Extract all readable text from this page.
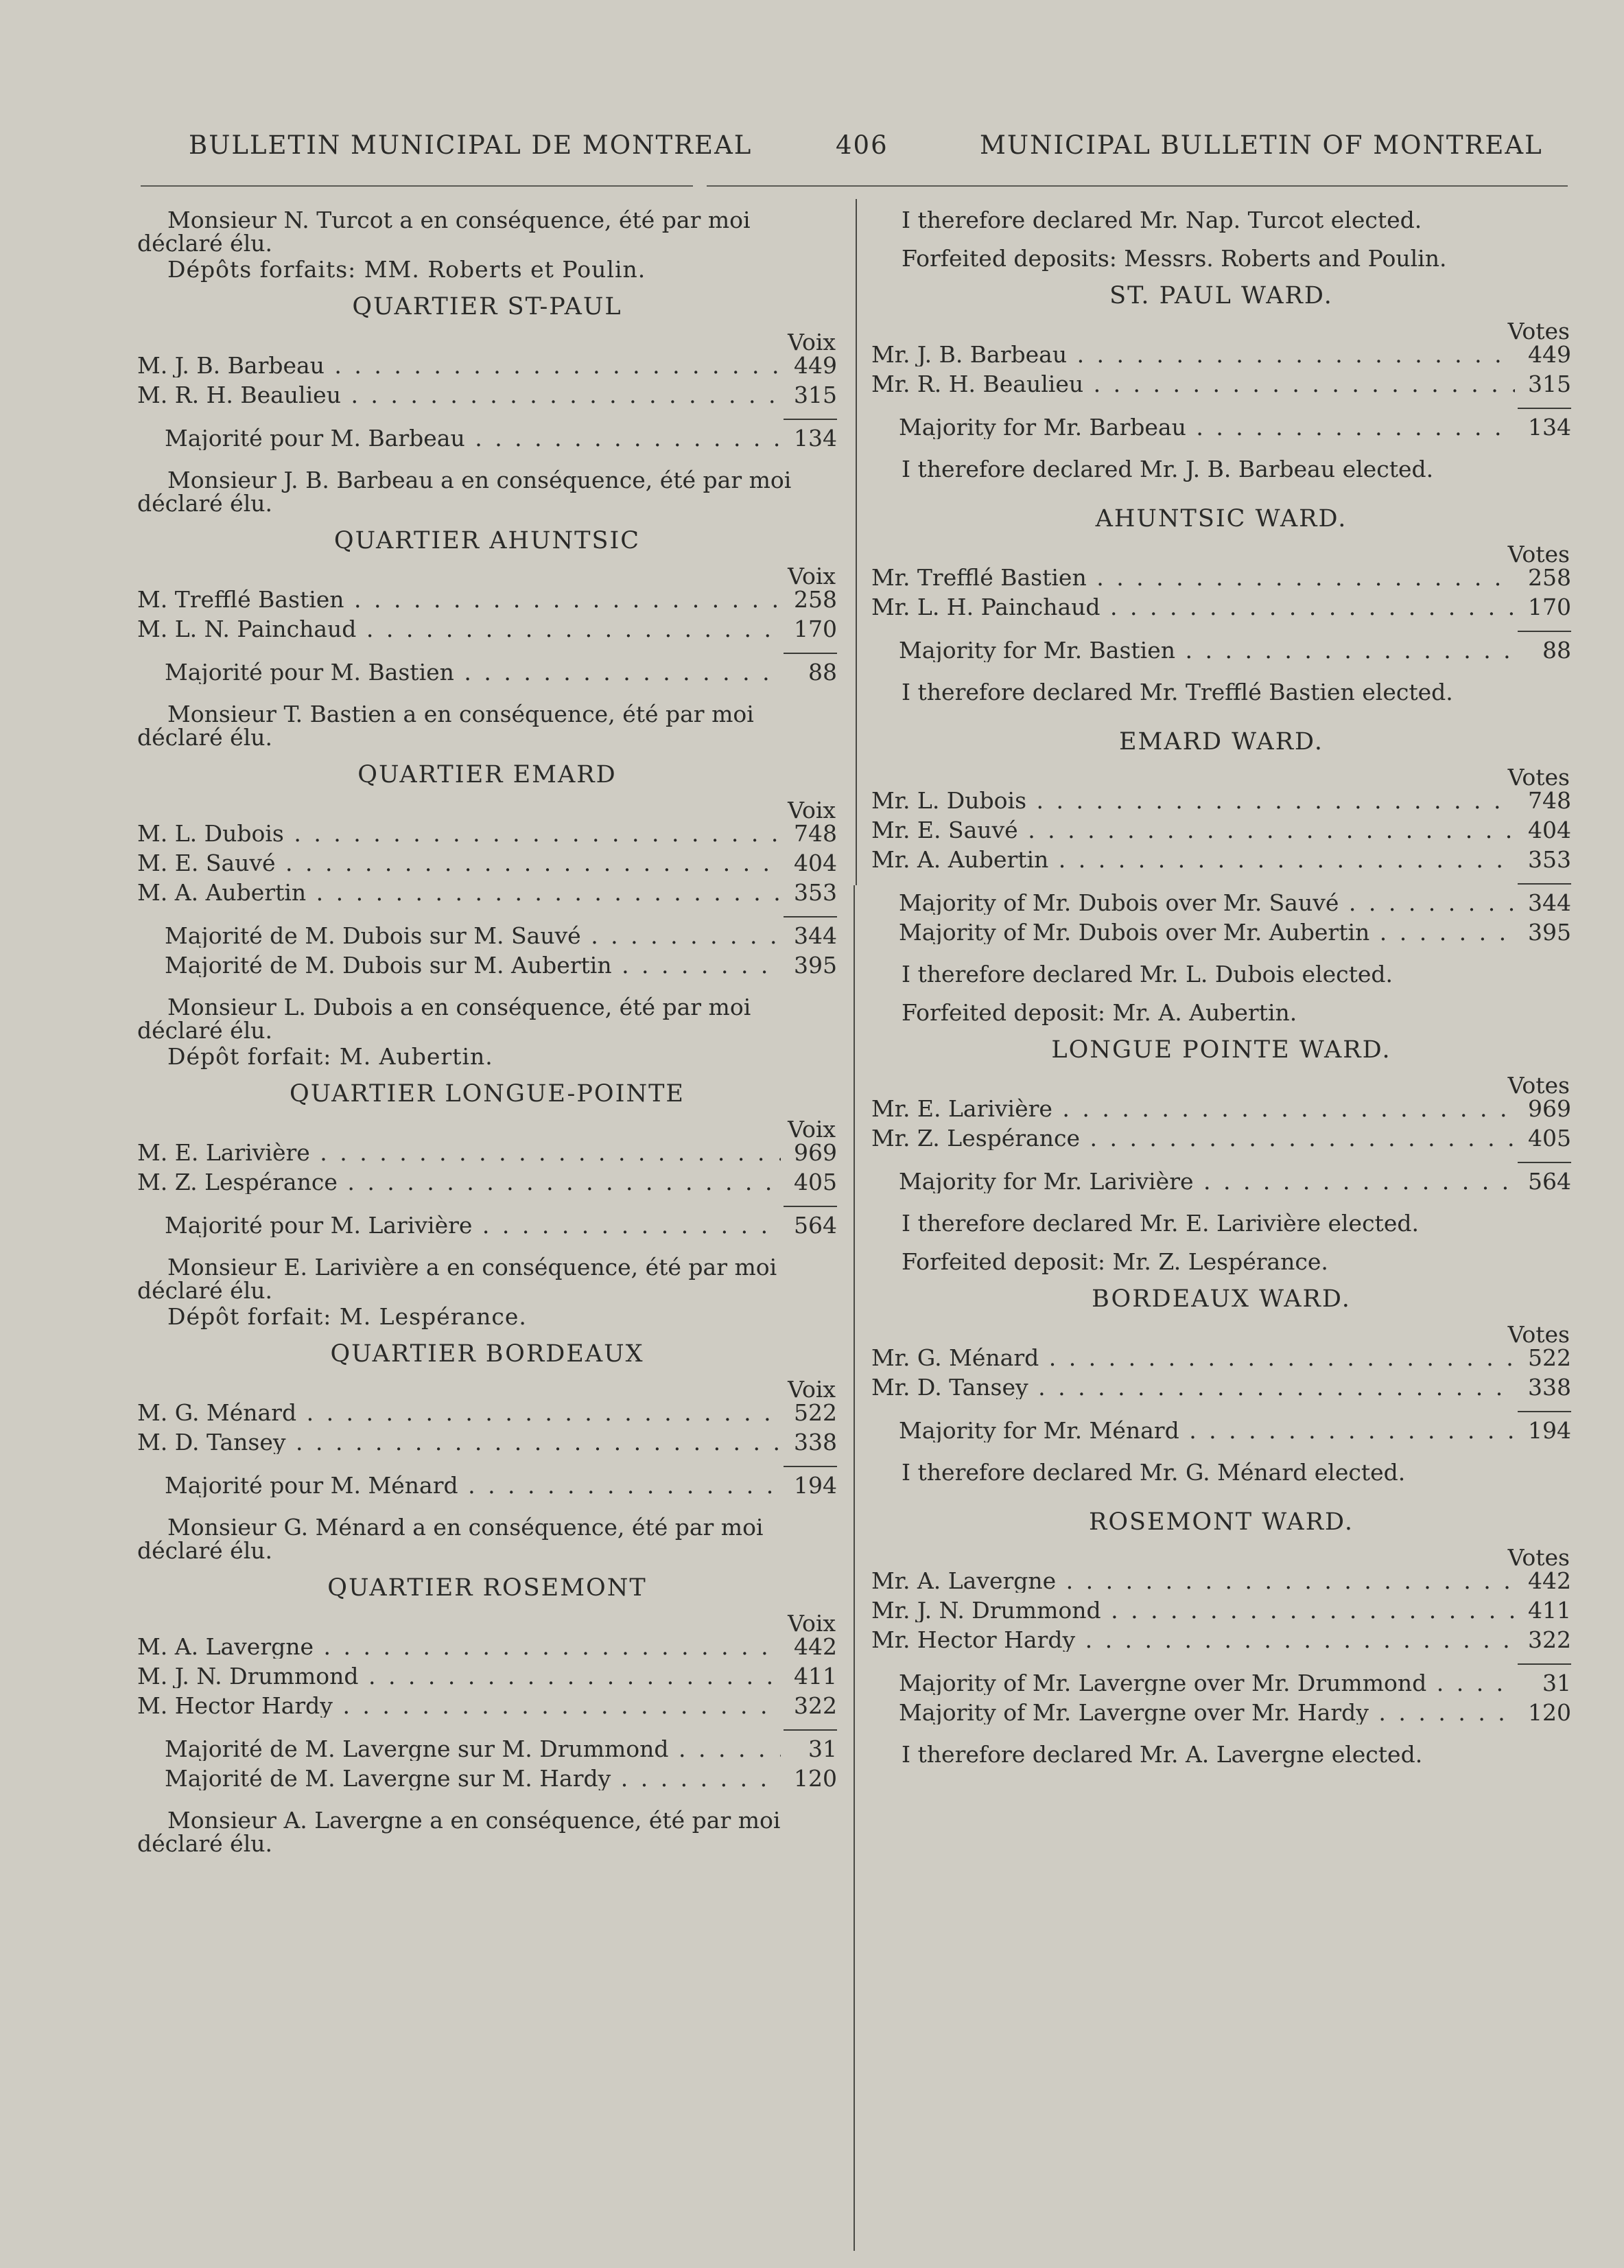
BULLETIN MUNICIPAL DE MONTREAL	406	MUNICIPAL BULLETIN OF MONTREAL
Monsieur N. Turcot a en conséquence, été par moi déclaré élu.
Dépôts forfaits: MM. Roberts et Poulin.
QUARTIER ST-PAUL
Voix
M. J. B. Barbeau . . .	449
M. R. H. Beaulieu . . .	315
Majorité pour M. Barbeau . . .	134
Monsieur J. B. Barbeau a en conséquence, été par moi déclaré élu.
QUARTIER AHUNTSIC
Voix
M. Trefflé Bastien . . .	258
M. L. N. Painchaud . . .	170
Majorité pour M. Bastien . . .	88
Monsieur T. Bastien a en conséquence, été par moi déclaré élu.
QUARTIER EMARD
Voix
M. L. Dubois . . .	748
M. E. Sauvé . . .	404
M. A. Aubertin . . .	353
Majorité de M. Dubois sur M. Sauvé . . .	344
Majorité de M. Dubois sur M. Aubertin . . .	395
Monsieur L. Dubois a en conséquence, été par moi déclaré élu.
Dépôt forfait: M. Aubertin.
QUARTIER LONGUE-POINTE
Voix
M. E. Larivière . . .	969
M. Z. Lespérance . . .	405
Majorité pour M. Larivière . . .	564
Monsieur E. Larivière a en conséquence, été par moi déclaré élu.
Dépôt forfait: M. Lespérance.
QUARTIER BORDEAUX
Voix
M. G. Ménard . . .	522
M. D. Tansey . . .	338
Majorité pour M. Ménard . . .	194
Monsieur G. Ménard a en conséquence, été par moi déclaré élu.
QUARTIER ROSEMONT
Voix
M. A. Lavergne . . .	442
M. J. N. Drummond . . .	411
M. Hector Hardy . . .	322
Majorité de M. Lavergne sur M. Drummond . . .	31
Majorité de M. Lavergne sur M. Hardy . . .	120
Monsieur A. Lavergne a en conséquence, été par moi déclaré élu.
I therefore declared Mr. Nap. Turcot elected.
Forfeited deposits: Messrs. Roberts and Poulin.
ST. PAUL WARD.
Votes
Mr. J. B. Barbeau . . .	449
Mr. R. H. Beaulieu . . .	315
Majority for Mr. Barbeau . . .	134
I therefore declared Mr. J. B. Barbeau elected.
AHUNTSIC WARD.
Votes
Mr. Trefflé Bastien . . .	258
Mr. L. H. Painchaud . . .	170
Majority for Mr. Bastien . . .	88
I therefore declared Mr. Trefflé Bastien elected.
EMARD WARD.
Votes
Mr. L. Dubois . . .	748
Mr. E. Sauvé . . .	404
Mr. A. Aubertin . . .	353
Majority of Mr. Dubois over Mr. Sauvé . . .	344
Majority of Mr. Dubois over Mr. Aubertin . . .	395
I therefore declared Mr. L. Dubois elected.
Forfeited deposit: Mr. A. Aubertin.
LONGUE POINTE WARD.
Votes
Mr. E. Larivière . . .	969
Mr. Z. Lespérance . . .	405
Majority for Mr. Larivière . . .	564
I therefore declared Mr. E. Larivière elected.
Forfeited deposit: Mr. Z. Lespérance.
BORDEAUX WARD.
Votes
Mr. G. Ménard . . .	522
Mr. D. Tansey . . .	338
Majority for Mr. Ménard . . .	194
I therefore declared Mr. G. Ménard elected.
ROSEMONT WARD.
Votes
Mr. A. Lavergne . . .	442
Mr. J. N. Drummond . . .	411
Mr. Hector Hardy . . .	322
Majority of Mr. Lavergne over Mr. Drummond . . .	31
Majority of Mr. Lavergne over Mr. Hardy . . .	120
I therefore declared Mr. A. Lavergne elected.
